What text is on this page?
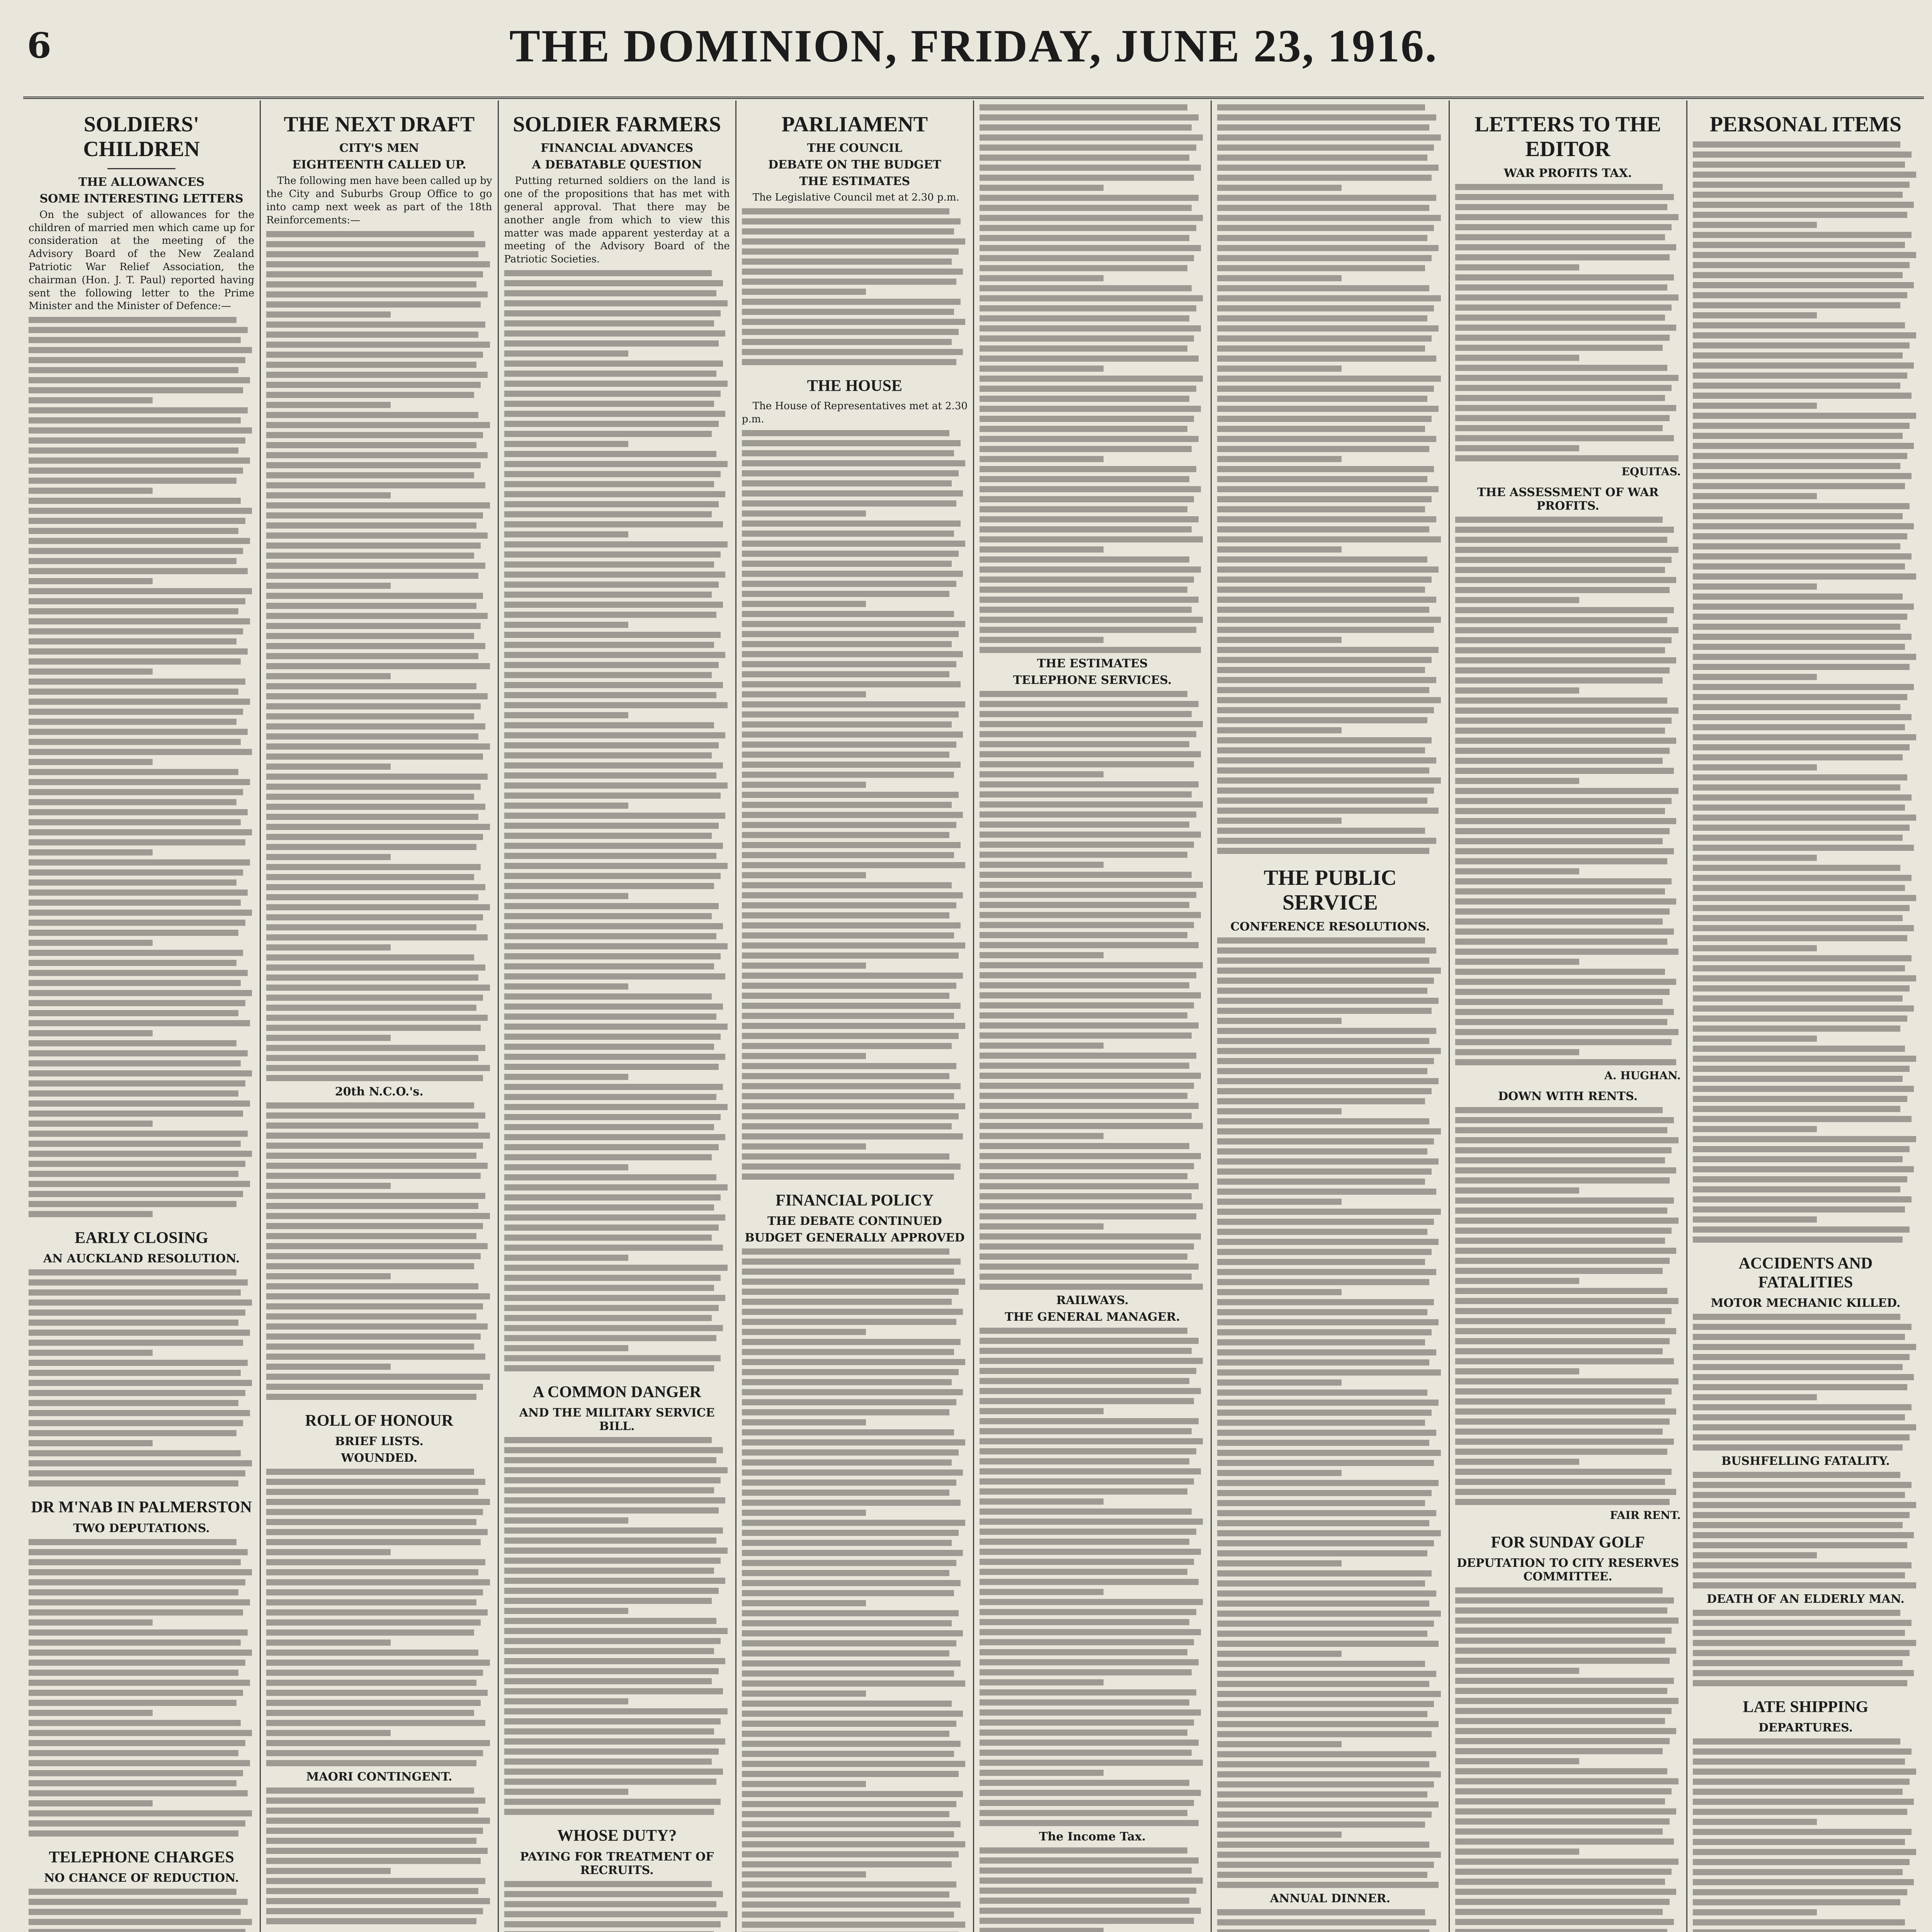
6	THE DOMINION, FRIDAY, JUNE 23, 1916.
SOLDIERS' CHILDREN
THE ALLOWANCES
SOME INTERESTING LETTERS

On the subject of allowances for the children of married men which came up for consideration at the meeting of the Advisory Board of the New Zealand Patriotic War Relief Association, the chairman (Hon. J. T. Paul) reported having sent the following letter to the Prime Minister and the Minister of Defence:—

EARLY CLOSING
AN AUCKLAND RESOLUTION.
DR M'NAB IN PALMERSTON
TWO DEPUTATIONS.
TELEPHONE CHARGES
NO CHANCE OF REDUCTION.
THE NEXT DRAFT
CITY'S MEN
EIGHTEENTH CALLED UP.

The following men have been called up by the City and Suburbs Group Office to go into camp next week as part of the 18th Reinforcements:—

20th N.C.O.'s.
ROLL OF HONOUR
BRIEF LISTS.
WOUNDED.
MAORI CONTINGENT.
SOLDIER FARMERS
FINANCIAL ADVANCES
A DEBATABLE QUESTION

Putting returned soldiers on the land is one of the propositions that has met with general approval. That there may be another angle from which to view this matter was made apparent yesterday at a meeting of the Advisory Board of the Patriotic Societies.

A COMMON DANGER
AND THE MILITARY SERVICE BILL.
WHOSE DUTY?
PAYING FOR TREATMENT OF RECRUITS.
PARLIAMENT
THE COUNCIL
DEBATE ON THE BUDGET
THE ESTIMATES

The Legislative Council met at 2.30 p.m.

THE HOUSE

The House of Representatives met at 2.30 p.m.

FINANCIAL POLICY
THE DEBATE CONTINUED
BUDGET GENERALLY APPROVED
THE ESTIMATES
TELEPHONE SERVICES.
RAILWAYS.
THE GENERAL MANAGER.
The Income Tax.
THE PUBLIC SERVICE
CONFERENCE RESOLUTIONS.
ANNUAL DINNER.
LETTERS TO THE EDITOR
WAR PROFITS TAX.
EQUITAS.
THE ASSESSMENT OF WAR PROFITS.
A. HUGHAN.
DOWN WITH RENTS.
FAIR RENT.
FOR SUNDAY GOLF
DEPUTATION TO CITY RESERVES COMMITTEE.
PERSONAL ITEMS
ACCIDENTS AND FATALITIES
MOTOR MECHANIC KILLED.
BUSHFELLING FATALITY.
DEATH OF AN ELDERLY MAN.
LATE SHIPPING
DEPARTURES.
